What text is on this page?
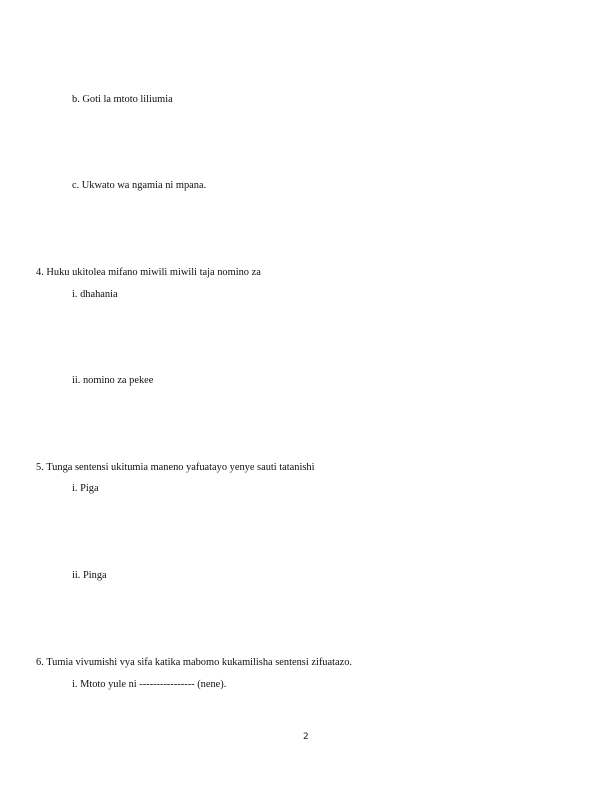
b. Goti la mtoto liliumia
c. Ukwato wa ngamia ni mpana.
4. Huku ukitolea mifano miwili miwili taja nomino za
i. dhahania
ii. nomino za pekee
5. Tunga sentensi ukitumia maneno yafuatayo yenye sauti tatanishi
i. Piga
ii. Pinga
6. Tumia vivumishi vya sifa katika mabomo kukamilisha sentensi zifuatazo.
i. Mtoto yule ni ---------------- (nene).
2
